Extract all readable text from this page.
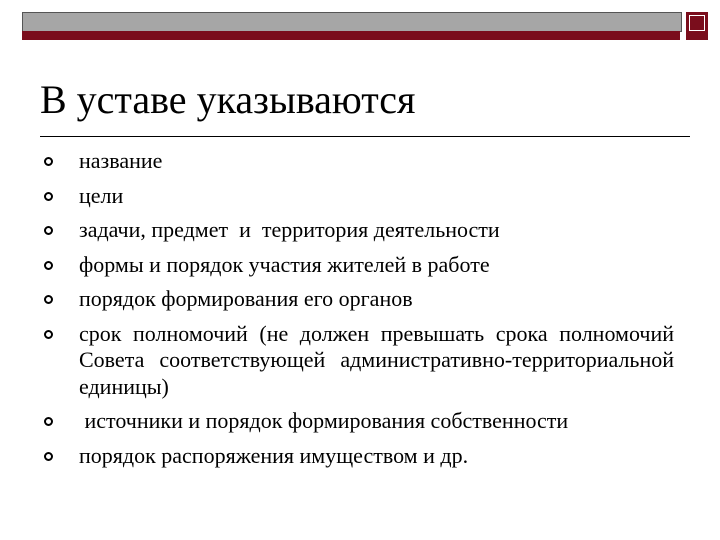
В уставе указываются
название
цели
задачи, предмет  и  территория деятельности
формы и порядок участия жителей в работе
порядок формирования его органов
срок полномочий (не должен превышать срока полномочий Совета соответствующей административно-территориальной единицы)
источники и порядок формирования собственности
порядок распоряжения имуществом и др.
